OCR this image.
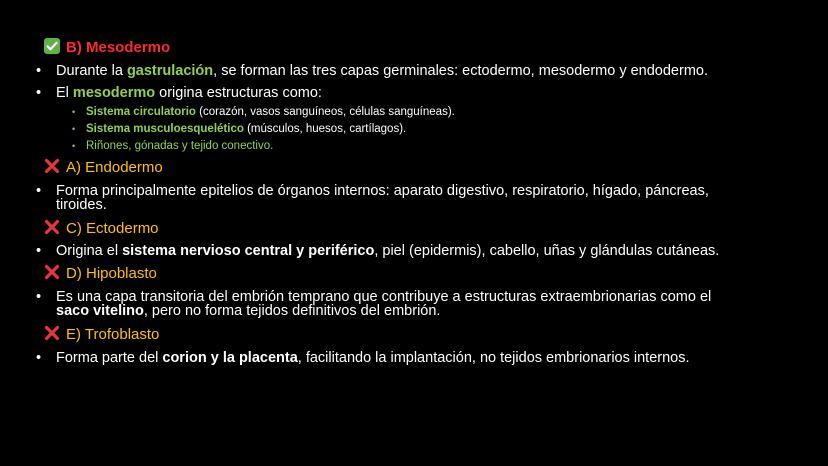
B) Mesodermo
• Durante la gastrulación, se forman las tres capas germinales: ectodermo, mesodermo y endodermo.
• El mesodermo origina estructuras como:
• Sistema circulatorio (corazón, vasos sanguíneos, células sanguíneas).
• Sistema musculoesquelético (músculos, huesos, cartílagos).
• Riñones, gónadas y tejido conectivo.
A) Endodermo
• Forma principalmente epitelios de órganos internos: aparato digestivo, respiratorio, hígado, páncreas,
tiroides.
C) Ectodermo
• Origina el sistema nervioso central y periférico, piel (epidermis), cabello, uñas y glándulas cutáneas.
D) Hipoblasto
• Es una capa transitoria del embrión temprano que contribuye a estructuras extraembrionarias como el
saco vitelino, pero no forma tejidos definitivos del embrión.
E) Trofoblasto
• Forma parte del corion y la placenta, facilitando la implantación, no tejidos embrionarios internos.
